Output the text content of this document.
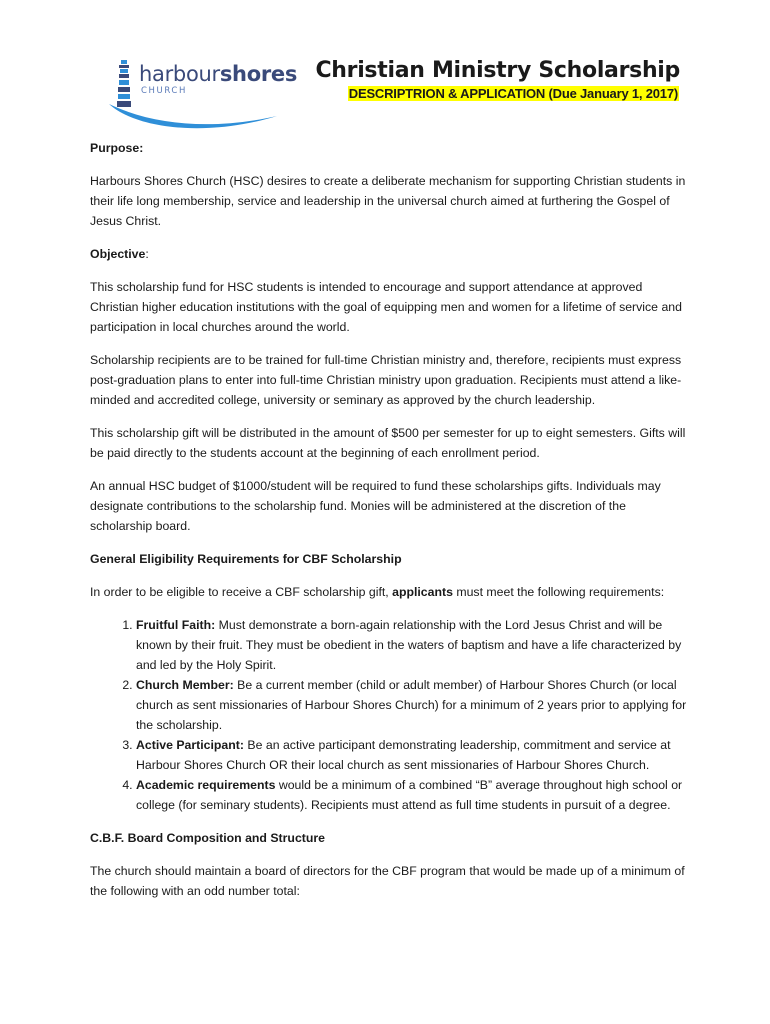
harbourshores
CHURCH
Christian Ministry Scholarship
DESCRIPTRION & APPLICATION (Due January 1, 2017)

Purpose:

Harbours Shores Church (HSC) desires to create a deliberate mechanism for supporting Christian students in their life long membership, service and leadership in the universal church aimed at furthering the Gospel of Jesus Christ.

Objective:

This scholarship fund for HSC students is intended to encourage and support attendance at approved Christian higher education institutions with the goal of equipping men and women for a lifetime of service and participation in local churches around the world.

Scholarship recipients are to be trained for full-time Christian ministry and, therefore, recipients must express post-graduation plans to enter into full-time Christian ministry upon graduation. Recipients must attend a like-minded and accredited college, university or seminary as approved by the church leadership.

This scholarship gift will be distributed in the amount of $500 per semester for up to eight semesters. Gifts will be paid directly to the students account at the beginning of each enrollment period.

An annual HSC budget of $1000/student will be required to fund these scholarships gifts. Individuals may designate contributions to the scholarship fund. Monies will be administered at the discretion of the scholarship board.

General Eligibility Requirements for CBF Scholarship

In order to be eligible to receive a CBF scholarship gift, applicants must meet the following requirements:

1. Fruitful Faith: Must demonstrate a born-again relationship with the Lord Jesus Christ and will be known by their fruit. They must be obedient in the waters of baptism and have a life characterized by and led by the Holy Spirit.
2. Church Member: Be a current member (child or adult member) of Harbour Shores Church (or local church as sent missionaries of Harbour Shores Church) for a minimum of 2 years prior to applying for the scholarship.
3. Active Participant: Be an active participant demonstrating leadership, commitment and service at Harbour Shores Church OR their local church as sent missionaries of Harbour Shores Church.
4. Academic requirements would be a minimum of a combined “B” average throughout high school or college (for seminary students). Recipients must attend as full time students in pursuit of a degree.

C.B.F. Board Composition and Structure

The church should maintain a board of directors for the CBF program that would be made up of a minimum of the following with an odd number total:
